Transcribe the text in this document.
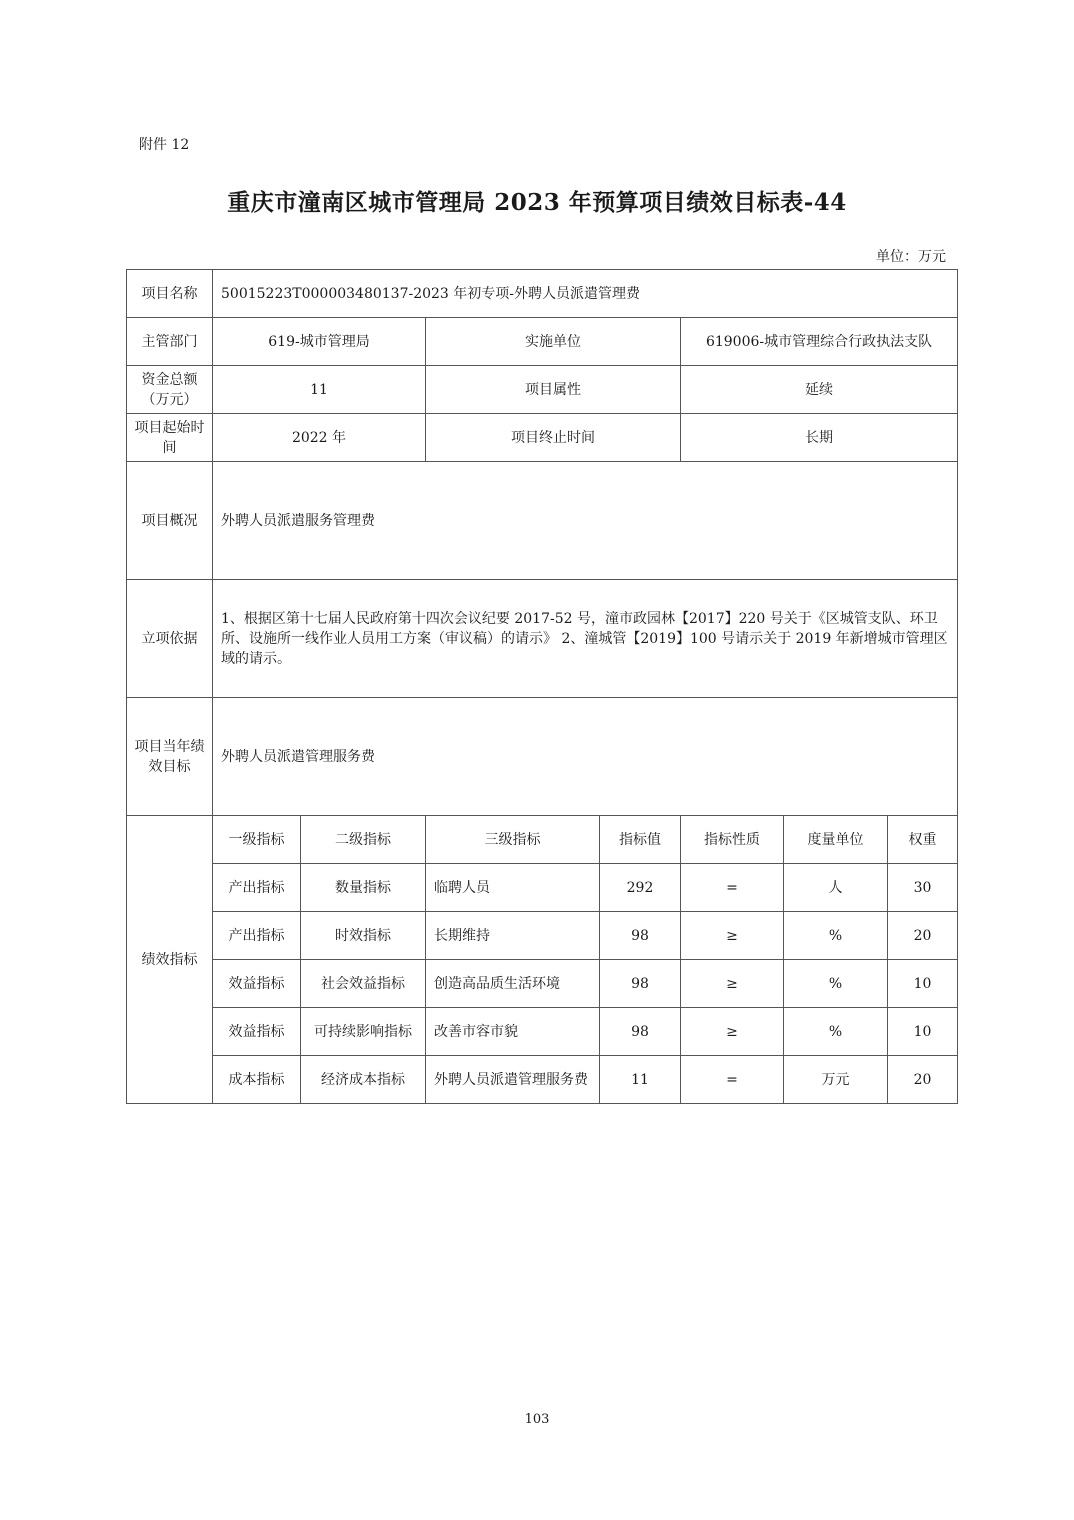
附件 12
重庆市潼南区城市管理局 2023 年预算项目绩效目标表-44
单位：万元
项目名称	50015223T000003480137-2023 年初专项-外聘人员派遣管理费						
主管部门	619-城市管理局		实施单位		619006-城市管理综合行政执法支队		
资金总额（万元）	11		项目属性		延续		
项目起始时间	2022 年		项目终止时间		长期		
项目概况	外聘人员派遣服务管理费						
立项依据	1、根据区第十七届人民政府第十四次会议纪要 2017-52 号，潼市政园林【2017】220 号关于《区城管支队、环卫所、设施所一线作业人员用工方案（审议稿）的请示》 2、潼城管【2019】100 号请示关于 2019 年新增城市管理区域的请示。						
项目当年绩效目标	外聘人员派遣管理服务费						
绩效指标	一级指标	二级指标	三级指标	指标值	指标性质	度量单位	权重
	产出指标	数量指标	临聘人员	292	=	人	30
	产出指标	时效指标	长期维持	98	≥	%	20
	效益指标	社会效益指标	创造高品质生活环境	98	≥	%	10
	效益指标	可持续影响指标	改善市容市貌	98	≥	%	10
	成本指标	经济成本指标	外聘人员派遣管理服务费	11	=	万元	20
103
